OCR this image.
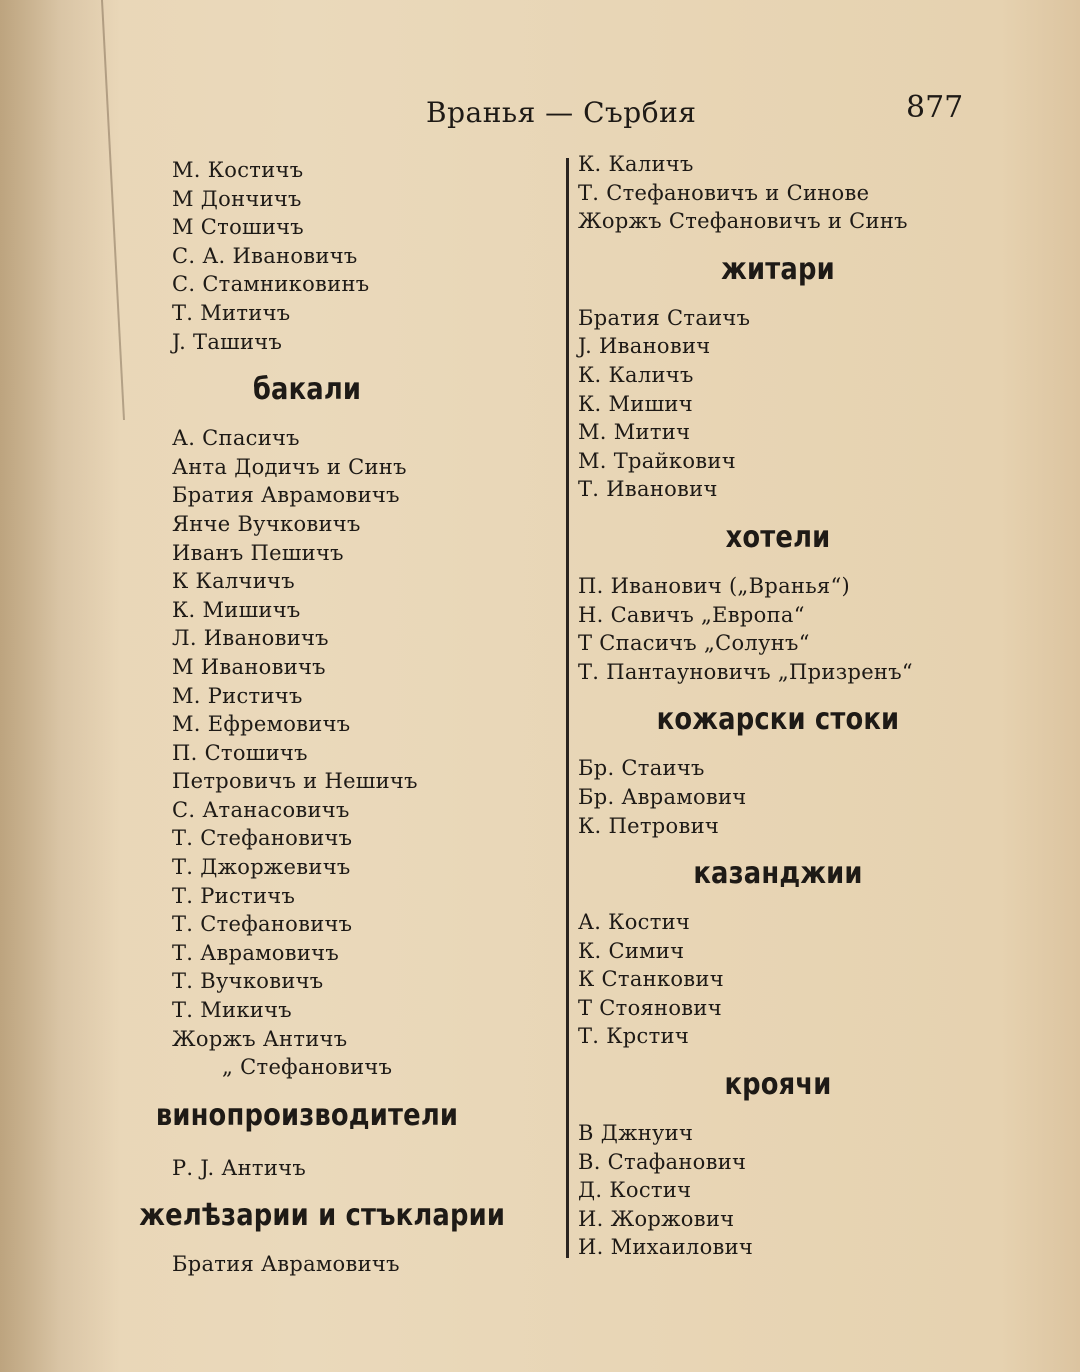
Вранья — Сърбия	877
М. Костичъ
М Дончичъ
М Стошичъ
С. А. Ивановичъ
С. Стамниковинъ
Т. Митичъ
J. Ташичъ
бакали
А. Спасичъ
Анта Додичъ и Синъ
Братия Аврамовичъ
Янче Вучковичъ
Иванъ Пешичъ
К Калчичъ
К. Мишичъ
Л. Ивановичъ
М Ивановичъ
М. Ристичъ
М. Ефремовичъ
П. Стошичъ
Петровичъ и Нешичъ
С. Атанасовичъ
Т. Стефановичъ
Т. Джоржевичъ
Т. Ристичъ
Т. Стефановичъ
Т. Аврамовичъ
Т. Вучковичъ
Т. Микичъ
Жоржъ Античъ
„ Стефановичъ
винопроизводители
Р. J. Античъ
желѣзарии и стъкларии
Братия Аврамовичъ
К. Каличъ
Т. Стефановичъ и Синове
Жоржъ Стефановичъ и Синъ
житари
Братия Стаичъ
J. Иванович
К. Каличъ
К. Мишич
М. Митич
М. Трайкович
Т. Иванович
хотели
П. Иванович („Вранья“)
Н. Савичъ „Европа“
Т Спасичъ „Солунъ“
Т. Пантауновичъ „Призренъ“
кожарски стоки
Бр. Стаичъ
Бр. Аврамович
К. Петрович
казанджии
А. Костич
К. Симич
К Станкович
Т Стоянович
Т. Крстич
кроячи
В Джнуич
В. Стафанович
Д. Костич
И. Жоржович
И. Михаилович
